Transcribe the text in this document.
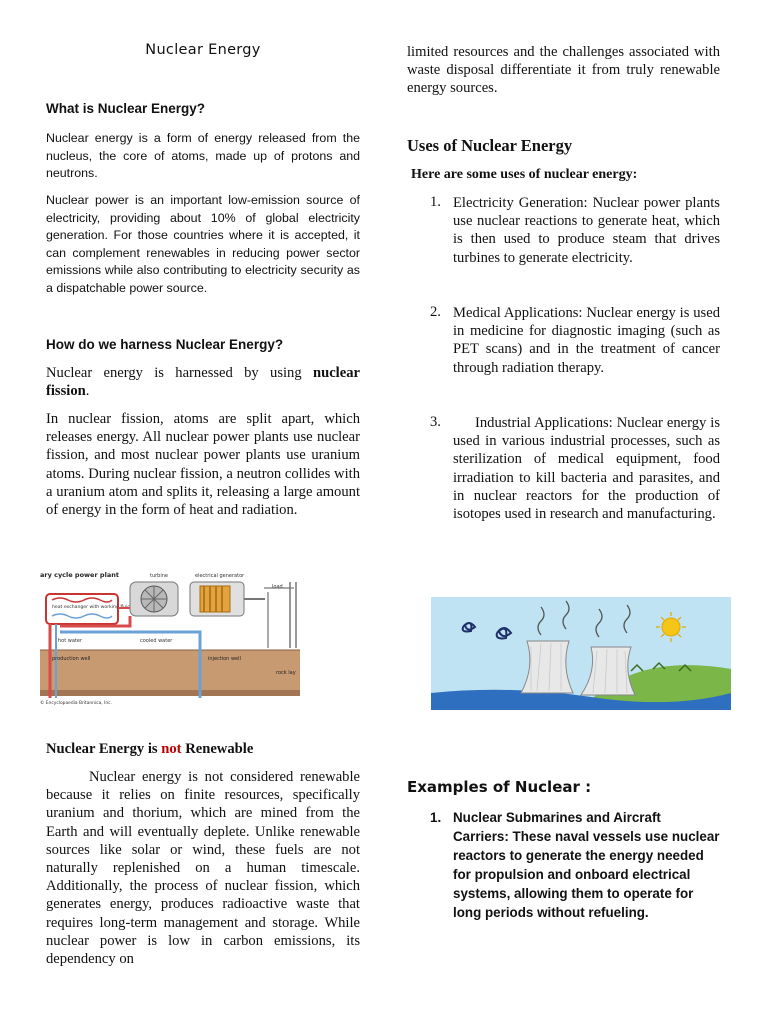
Nuclear Energy
What is Nuclear Energy?

Nuclear energy is a form of energy released from the nucleus, the core of atoms, made up of protons and neutrons.

Nuclear power is an important low-emission source of electricity, providing about 10% of global electricity generation. For those countries where it is accepted, it can complement renewables in reducing power sector emissions while also contributing to electricity security as a dispatchable power source.

How do we harness Nuclear Energy?

Nuclear energy is harnessed by using nuclear fission.

In nuclear fission, atoms are split apart, which releases energy. All nuclear power plants use nuclear fission, and most nuclear power plants use uranium atoms. During nuclear fission, a neutron collides with a uranium atom and splits it, releasing a large amount of energy in the form of heat and radiation.

ary cycle power plant	turbine	electrical generator
load
heat exchanger with working fluid
hot water	cooled water
production well	injection well
rock lay
© Encyclopaedia Britannica, Inc.
Nuclear Energy is not Renewable

Nuclear energy is not considered renewable because it relies on finite resources, specifically uranium and thorium, which are mined from the Earth and will eventually deplete. Unlike renewable sources like solar or wind, these fuels are not naturally replenished on a human timescale. Additionally, the process of nuclear fission, which generates energy, produces radioactive waste that requires long-term management and storage. While nuclear power is low in carbon emissions, its dependency on

limited resources and the challenges associated with waste disposal differentiate it from truly renewable energy sources.

Uses of Nuclear Energy
Here are some uses of nuclear energy:
1. Electricity Generation: Nuclear power plants use nuclear reactions to generate heat, which is then used to produce steam that drives turbines to generate electricity.
2. Medical Applications: Nuclear energy is used in medicine for diagnostic imaging (such as PET scans) and in the treatment of cancer through radiation therapy.
3.	Industrial Applications: Nuclear energy is used in various industrial processes, such as sterilization of medical equipment, food irradiation to kill bacteria and parasites, and in nuclear reactors for the production of isotopes used in research and manufacturing.
Examples of Nuclear :
1. Nuclear Submarines and Aircraft Carriers: These naval vessels use nuclear reactors to generate the energy needed for propulsion and onboard electrical systems, allowing them to operate for long periods without refueling.
